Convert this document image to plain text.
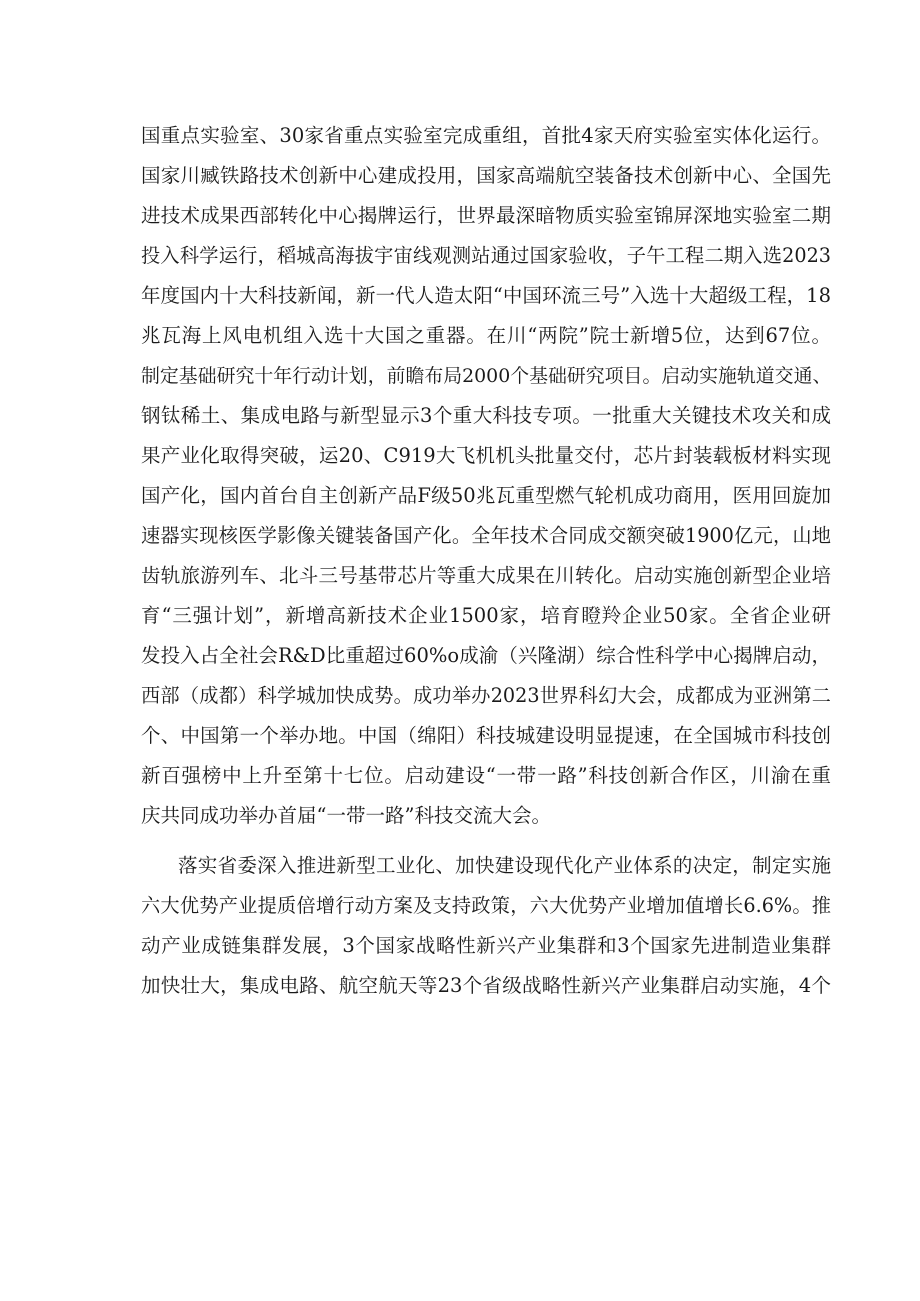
国重点实验室、30家省重点实验室完成重组，首批4家天府实验室实体化运行。
国家川臧铁路技术创新中心建成投用，国家高端航空装备技术创新中心、全国先
进技术成果西部转化中心揭牌运行，世界最深暗物质实验室锦屏深地实验室二期
投入科学运行，稻城高海拔宇宙线观测站通过国家验收，子午工程二期入选2023
年度国内十大科技新闻，新一代人造太阳“中国环流三号”入选十大超级工程，18
兆瓦海上风电机组入选十大国之重器。在川“两院”院士新增5位，达到67位。
制定基础研究十年行动计划，前瞻布局2000个基础研究项目。启动实施轨道交通、
钢钛稀土、集成电路与新型显示3个重大科技专项。一批重大关键技术攻关和成
果产业化取得突破，运20、C919大飞机机头批量交付，芯片封装载板材料实现
国产化，国内首台自主创新产品F级50兆瓦重型燃气轮机成功商用，医用回旋加
速器实现核医学影像关键装备国产化。全年技术合同成交额突破1900亿元，山地
齿轨旅游列车、北斗三号基带芯片等重大成果在川转化。启动实施创新型企业培
育“三强计划”，新增高新技术企业1500家，培育瞪羚企业50家。全省企业研
发投入占全社会R&D比重超过60%o成渝（兴隆湖）综合性科学中心揭牌启动，
西部（成都）科学城加快成势。成功举办2023世界科幻大会，成都成为亚洲第二
个、中国第一个举办地。中国（绵阳）科技城建设明显提速，在全国城市科技创
新百强榜中上升至第十七位。启动建设“一带一路”科技创新合作区，川渝在重
庆共同成功举办首届“一带一路”科技交流大会。
落实省委深入推进新型工业化、加快建设现代化产业体系的决定，制定实施
六大优势产业提质倍增行动方案及支持政策，六大优势产业增加值增长6.6%。推
动产业成链集群发展，3个国家战略性新兴产业集群和3个国家先进制造业集群
加快壮大，集成电路、航空航天等23个省级战略性新兴产业集群启动实施，4个
